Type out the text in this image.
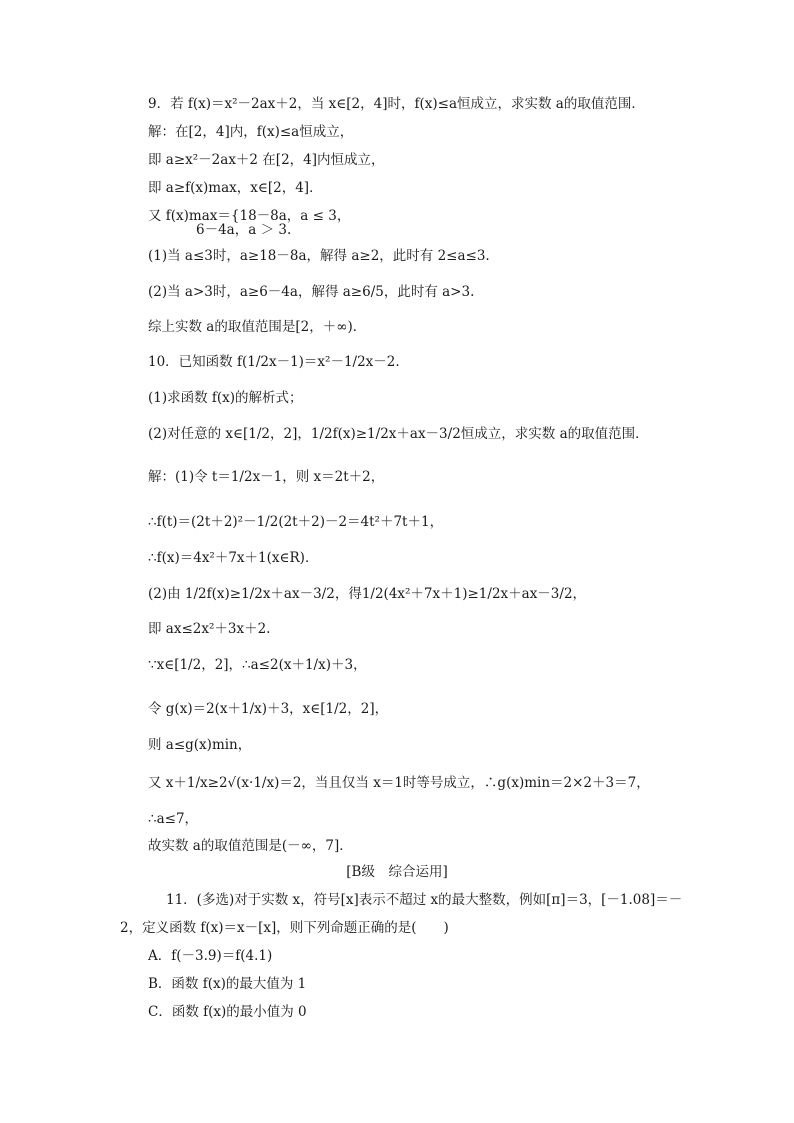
9．若 f(x)＝x²－2ax＋2，当 x∈[2，4]时，f(x)≤a恒成立，求实数 a的取值范围．
解：在[2，4]内，f(x)≤a恒成立，
即 a≥x²－2ax＋2 在[2，4]内恒成立，
即 a≥f(x)max，x∈[2，4]．
又 f(x)max＝{18－8a，a ≤ 3，
6－4a，a ＞ 3.
(1)当 a≤3时，a≥18－8a，解得 a≥2，此时有 2≤a≤3.
(2)当 a>3时，a≥6－4a，解得 a≥6/5，此时有 a>3.
综上实数 a的取值范围是[2，＋∞)．
10．已知函数 f(1/2x－1)＝x²－1/2x－2.
(1)求函数 f(x)的解析式；
(2)对任意的 x∈[1/2，2]，1/2f(x)≥1/2x＋ax－3/2恒成立，求实数 a的取值范围．
解：(1)令 t＝1/2x－1，则 x＝2t＋2，
∴f(t)＝(2t＋2)²－1/2(2t＋2)－2＝4t²＋7t＋1，
∴f(x)＝4x²＋7x＋1(x∈R)．
(2)由 1/2f(x)≥1/2x＋ax－3/2，得1/2(4x²＋7x＋1)≥1/2x＋ax－3/2，
即 ax≤2x²＋3x＋2.
∵x∈[1/2，2]，∴a≤2(x＋1/x)＋3，
令 g(x)＝2(x＋1/x)＋3，x∈[1/2，2]，
则 a≤g(x)min，
又 x＋1/x≥2√(x·1/x)＝2，当且仅当 x＝1时等号成立，∴g(x)min＝2×2＋3＝7，
∴a≤7，
故实数 a的取值范围是(－∞，7]．
[B级　综合运用]
11．(多选)对于实数 x，符号[x]表示不超过 x的最大整数，例如[π]＝3，[－1.08]＝－
2，定义函数 f(x)＝x－[x]，则下列命题正确的是(　　)
A．f(－3.9)＝f(4.1)
B．函数 f(x)的最大值为 1
C．函数 f(x)的最小值为 0
